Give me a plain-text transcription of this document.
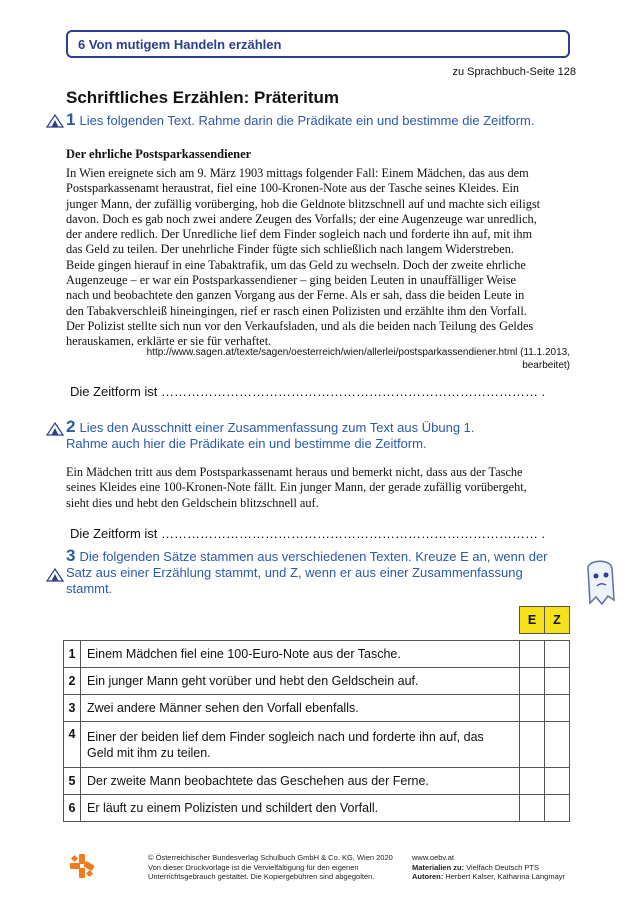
6 Von mutigem Handeln erzählen
zu Sprachbuch-Seite 128
Schriftliches Erzählen: Präteritum
1 Lies folgenden Text. Rahme darin die Prädikate ein und bestimme die Zeitform.
Der ehrliche Postsparkassendiener
In Wien ereignete sich am 9. März 1903 mittags folgender Fall: Einem Mädchen, das aus dem
Postsparkassenamt heraustrat, fiel eine 100-Kronen-Note aus der Tasche seines Kleides. Ein
junger Mann, der zufällig vorüberging, hob die Geldnote blitzschnell auf und machte sich eiligst
davon. Doch es gab noch zwei andere Zeugen des Vorfalls; der eine Augenzeuge war unredlich,
der andere redlich. Der Unredliche lief dem Finder sogleich nach und forderte ihn auf, mit ihm
das Geld zu teilen. Der unehrliche Finder fügte sich schließlich nach langem Widerstreben.
Beide gingen hierauf in eine Tabaktrafik, um das Geld zu wechseln. Doch der zweite ehrliche
Augenzeuge – er war ein Postsparkassendiener – ging beiden Leuten in unauffälliger Weise
nach und beobachtete den ganzen Vorgang aus der Ferne. Als er sah, dass die beiden Leute in
den Tabakverschleiß hineingingen, rief er rasch einen Polizisten und erzählte ihm den Vorfall.
Der Polizist stellte sich nun vor den Verkaufsladen, und als die beiden nach Teilung des Geldes
herauskamen, erklärte er sie für verhaftet.
http://www.sagen.at/texte/sagen/oesterreich/wien/allerlei/postsparkassendiener.html (11.1.2013,
bearbeitet)
Die Zeitform ist …………………………………………………………………………… .
2 Lies den Ausschnitt einer Zusammenfassung zum Text aus Übung 1.
Rahme auch hier die Prädikate ein und bestimme die Zeitform.
Ein Mädchen tritt aus dem Postsparkassenamt heraus und bemerkt nicht, dass aus der Tasche
seines Kleides eine 100-Kronen-Note fällt. Ein junger Mann, der gerade zufällig vorübergeht,
sieht dies und hebt den Geldschein blitzschnell auf.
Die Zeitform ist …………………………………………………………………………… .
3 Die folgenden Sätze stammen aus verschiedenen Texten. Kreuze E an, wenn der
Satz aus einer Erzählung stammt, und Z, wenn er aus einer Zusammenfassung
stammt.
		E	Z

1	Einem Mädchen fiel eine 100-Euro-Note aus der Tasche.		
2	Ein junger Mann geht vorüber und hebt den Geldschein auf.		
3	Zwei andere Männer sehen den Vorfall ebenfalls.		
4	Einer der beiden lief dem Finder sogleich nach und forderte ihn auf, das
Geld mit ihm zu teilen.		

5	Der zweite Mann beobachtete das Geschehen aus der Ferne.		
6	Er läuft zu einem Polizisten und schildert den Vorfall.		
© Österreichischer Bundesverlag Schulbuch GmbH & Co. KG, Wien 2020
Von dieser Druckvorlage ist die Vervielfältigung für den eigenen
Unterrichtsgebrauch gestattet. Die Kopiergebühren sind abgegolten.
www.oebv.at
Materialien zu: Vielfach Deutsch PTS
Autoren: Herbert Kalser, Katharina Langmayr
